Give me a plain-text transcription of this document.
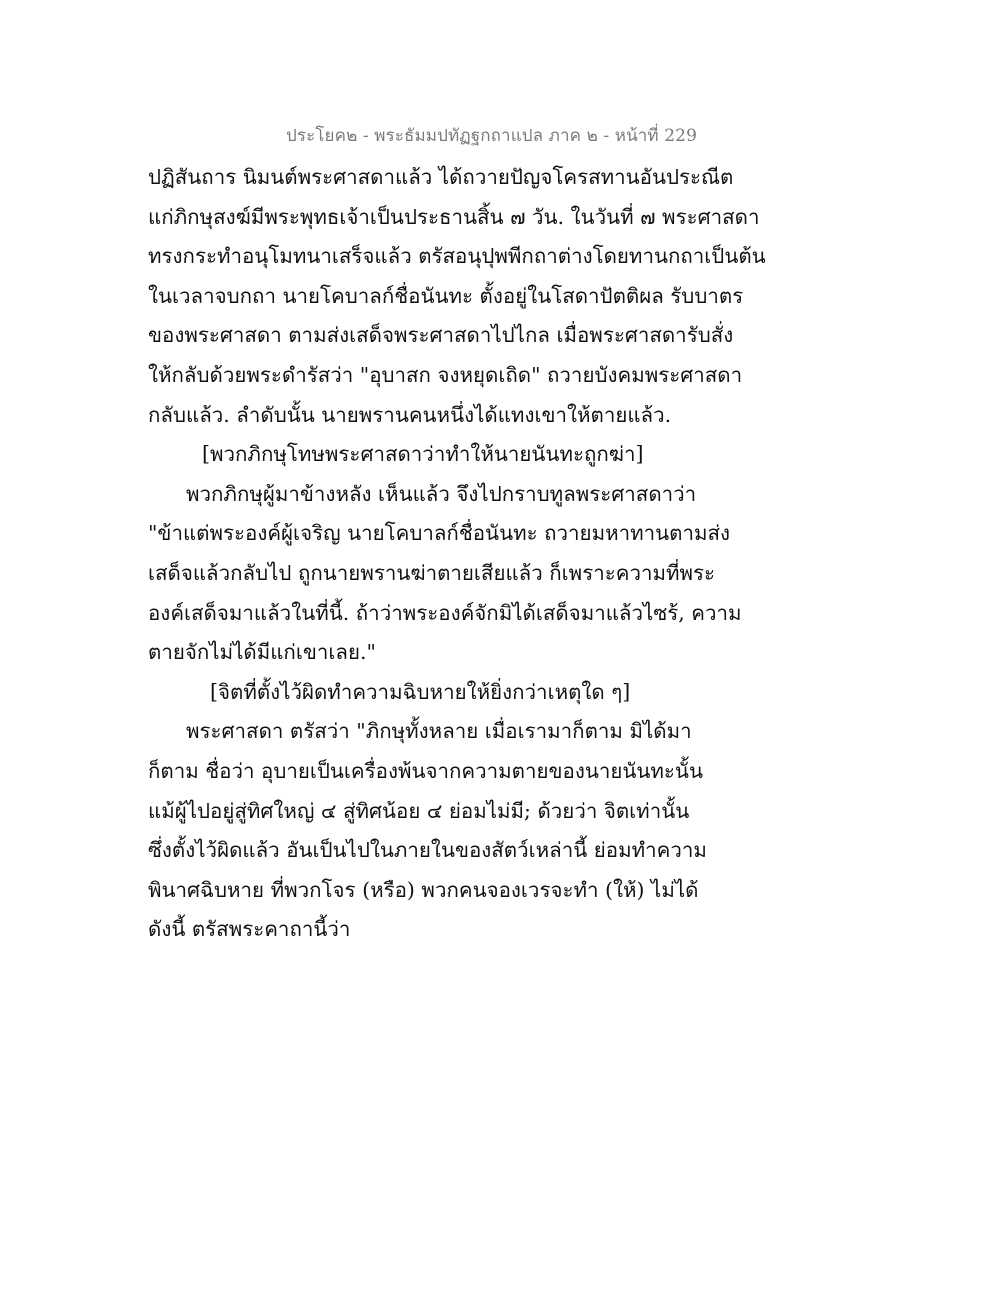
ประโยค๒ - พระธัมมปทัฏฐกถาแปล ภาค ๒ - หน้าที่ 229
ปฏิสันถาร นิมนต์พระศาสดาแล้ว ได้ถวายปัญจโครสทานอันประณีต
แก่ภิกษุสงฆ์มีพระพุทธเจ้าเป็นประธานสิ้น ๗ วัน. ในวันที่ ๗ พระศาสดา
ทรงกระทำอนุโมทนาเสร็จแล้ว ตรัสอนุปุพพีกถาต่างโดยทานกถาเป็นต้น
ในเวลาจบกถา นายโคบาลก์ชื่อนันทะ ตั้งอยู่ในโสดาปัตติผล รับบาตร
ของพระศาสดา ตามส่งเสด็จพระศาสดาไปไกล เมื่อพระศาสดารับสั่ง
ให้กลับด้วยพระดำรัสว่า "อุบาสก จงหยุดเถิด" ถวายบังคมพระศาสดา
กลับแล้ว. ลำดับนั้น นายพรานคนหนึ่งได้แทงเขาให้ตายแล้ว.
[พวกภิกษุโทษพระศาสดาว่าทำให้นายนันทะถูกฆ่า]
พวกภิกษุผู้มาข้างหลัง เห็นแล้ว จึงไปกราบทูลพระศาสดาว่า
"ข้าแต่พระองค์ผู้เจริญ นายโคบาลก์ชื่อนันทะ ถวายมหาทานตามส่ง
เสด็จแล้วกลับไป ถูกนายพรานฆ่าตายเสียแล้ว ก็เพราะความที่พระ
องค์เสด็จมาแล้วในที่นี้. ถ้าว่าพระองค์จักมิได้เสด็จมาแล้วไซร้, ความ
ตายจักไม่ได้มีแก่เขาเลย."
[จิตที่ตั้งไว้ผิดทำความฉิบหายให้ยิ่งกว่าเหตุใด ๆ]
พระศาสดา ตรัสว่า "ภิกษุทั้งหลาย เมื่อเรามาก็ตาม มิได้มา
ก็ตาม ชื่อว่า อุบายเป็นเครื่องพ้นจากความตายของนายนันทะนั้น
แม้ผู้ไปอยู่สู่ทิศใหญ่ ๔ สู่ทิศน้อย ๔ ย่อมไม่มี; ด้วยว่า จิตเท่านั้น
ซึ่งตั้งไว้ผิดแล้ว อันเป็นไปในภายในของสัตว์เหล่านี้ ย่อมทำความ
พินาศฉิบหาย ที่พวกโจร (หรือ) พวกคนจองเวรจะทำ (ให้) ไม่ได้
ดังนี้ ตรัสพระคาถานี้ว่า
